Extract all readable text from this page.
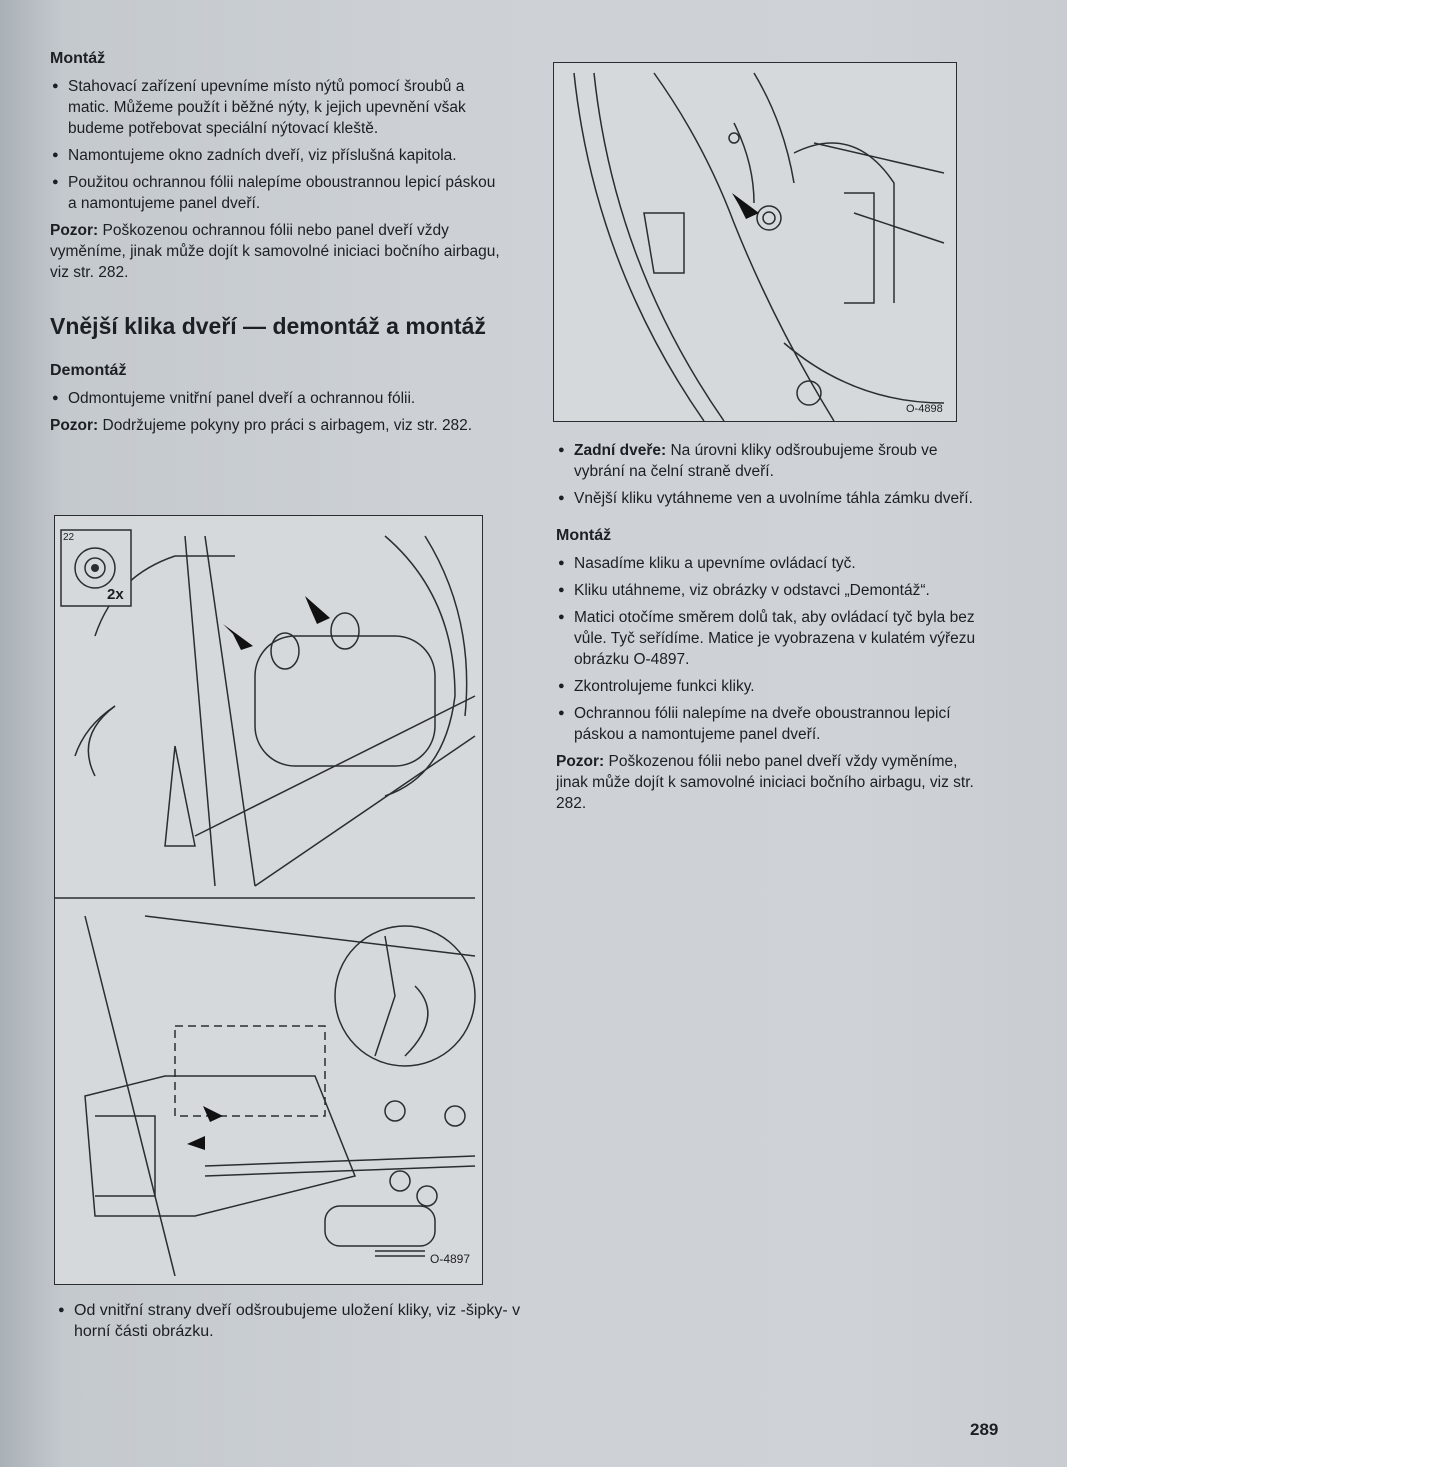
Montáž
● Stahovací zařízení upevníme místo nýtů pomocí šroubů a matic. Můžeme použít i běžné nýty, k jejich upevnění však budeme potřebovat speciální nýtovací kleště.
● Namontujeme okno zadních dveří, viz příslušná kapitola.
● Použitou ochrannou fólii nalepíme oboustrannou lepicí páskou a namontujeme panel dveří.
Pozor: Poškozenou ochrannou fólii nebo panel dveří vždy vyměníme, jinak může dojít k samovolné iniciaci bočního airbagu, viz str. 282.
Vnější klika dveří — demontáž a montáž
Demontáž
● Odmontujeme vnitřní panel dveří a ochrannou fólii.
Pozor: Dodržujeme pokyny pro práci s airbagem, viz str. 282.
22
2x
O-4897
● Od vnitřní strany dveří odšroubujeme uložení kliky, viz -šipky- v horní části obrázku.
O-4898
● Zadní dveře: Na úrovni kliky odšroubujeme šroub ve vybrání na čelní straně dveří.
● Vnější kliku vytáhneme ven a uvolníme táhla zámku dveří.
Montáž
● Nasadíme kliku a upevníme ovládací tyč.
● Kliku utáhneme, viz obrázky v odstavci „Demontáž“.
● Matici otočíme směrem dolů tak, aby ovládací tyč byla bez vůle. Tyč seřídíme. Matice je vyobrazena v kulatém výřezu obrázku O-4897.
● Zkontrolujeme funkci kliky.
● Ochrannou fólii nalepíme na dveře oboustrannou lepicí páskou a namontujeme panel dveří.
Pozor: Poškozenou fólii nebo panel dveří vždy vyměníme, jinak může dojít k samovolné iniciaci bočního airbagu, viz str. 282.
289
